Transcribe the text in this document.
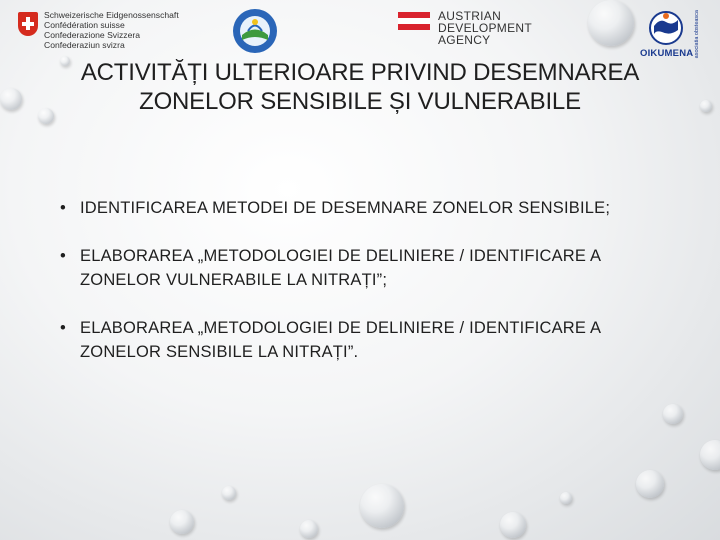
Schweizerische Eidgenossenschaft
Confédération suisse
Confederazione Svizzera
Confederaziun svizra
AUSTRIAN
DEVELOPMENT
AGENCY	asociatia obsteasca
OIKUMENA
ACTIVITĂȚI ULTERIOARE PRIVIND DESEMNAREA ZONELOR SENSIBILE ȘI VULNERABILE
• IDENTIFICAREA METODEI DE DESEMNARE ZONELOR SENSIBILE;
• ELABORAREA „METODOLOGIEI DE DELINIERE / IDENTIFICARE A ZONELOR VULNERABILE LA NITRAȚI”;
• ELABORAREA „METODOLOGIEI DE DELINIERE / IDENTIFICARE A ZONELOR SENSIBILE LA NITRAȚI”.
